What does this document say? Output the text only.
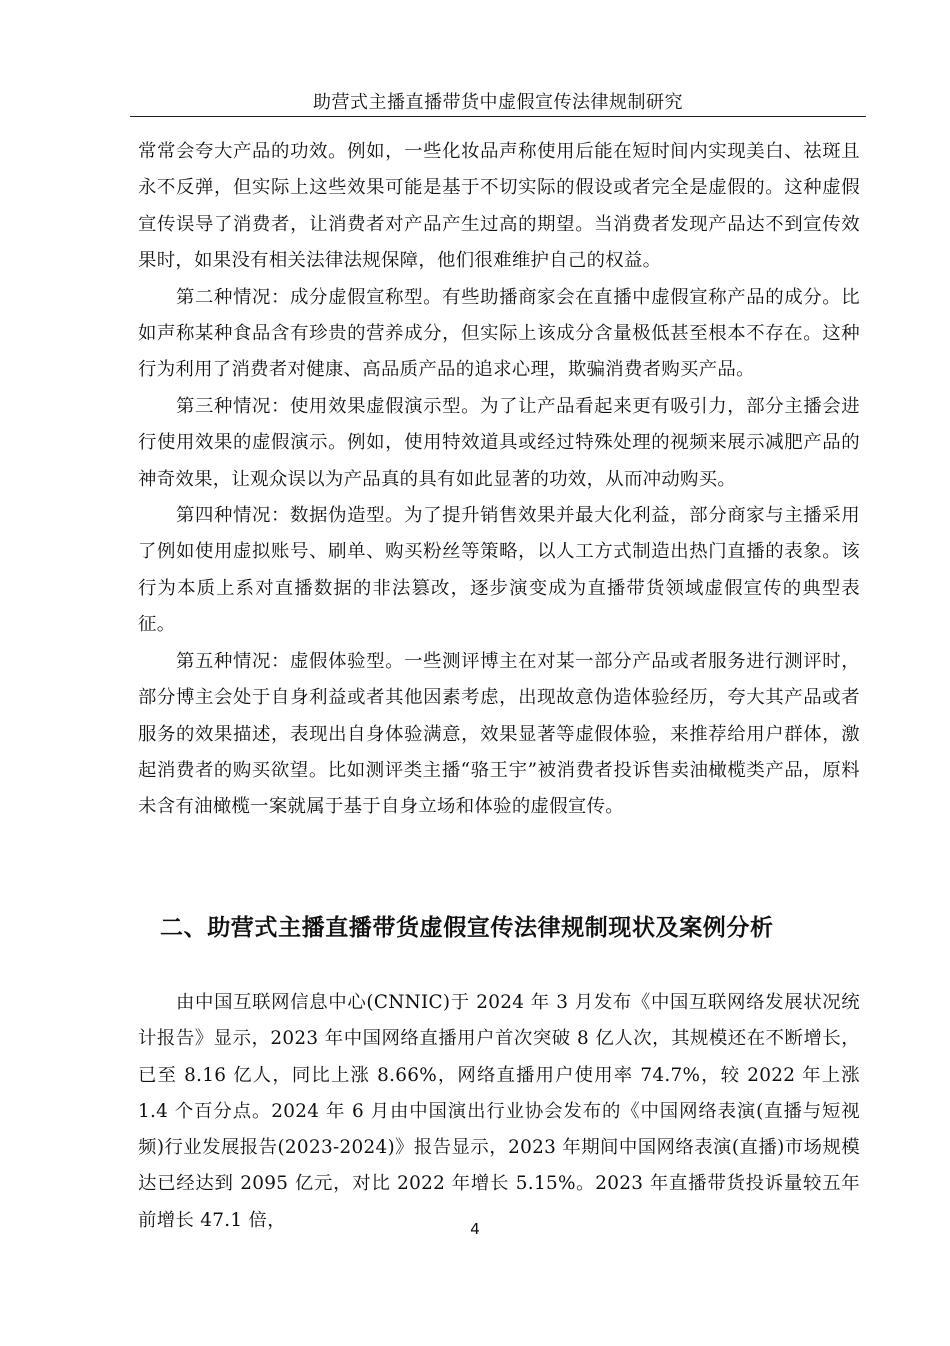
助营式主播直播带货中虚假宣传法律规制研究

常常会夸大产品的功效。例如，一些化妆品声称使用后能在短时间内实现美白、祛斑且永不反弹，但实际上这些效果可能是基于不切实际的假设或者完全是虚假的。这种虚假宣传误导了消费者，让消费者对产品产生过高的期望。当消费者发现产品达不到宣传效果时，如果没有相关法律法规保障，他们很难维护自己的权益。

第二种情况：成分虚假宣称型。有些助播商家会在直播中虚假宣称产品的成分。比如声称某种食品含有珍贵的营养成分，但实际上该成分含量极低甚至根本不存在。这种行为利用了消费者对健康、高品质产品的追求心理，欺骗消费者购买产品。

第三种情况：使用效果虚假演示型。为了让产品看起来更有吸引力，部分主播会进行使用效果的虚假演示。例如，使用特效道具或经过特殊处理的视频来展示减肥产品的神奇效果，让观众误以为产品真的具有如此显著的功效，从而冲动购买。

第四种情况：数据伪造型。为了提升销售效果并最大化利益，部分商家与主播采用了例如使用虚拟账号、刷单、购买粉丝等策略，以人工方式制造出热门直播的表象。该行为本质上系对直播数据的非法篡改，逐步演变成为直播带货领域虚假宣传的典型表征。

第五种情况：虚假体验型。一些测评博主在对某一部分产品或者服务进行测评时，部分博主会处于自身利益或者其他因素考虑，出现故意伪造体验经历，夸大其产品或者服务的效果描述，表现出自身体验满意，效果显著等虚假体验，来推荐给用户群体，激起消费者的购买欲望。比如测评类主播“骆王宇”被消费者投诉售卖油橄榄类产品，原料未含有油橄榄一案就属于基于自身立场和体验的虚假宣传。

二、助营式主播直播带货虚假宣传法律规制现状及案例分析

由中国互联网信息中心(CNNIC)于 2024 年 3 月发布《中国互联网络发展状况统计报告》显示，2023 年中国网络直播用户首次突破 8 亿人次，其规模还在不断增长，已至 8.16 亿人，同比上涨 8.66%，网络直播用户使用率 74.7%，较 2022 年上涨 1.4 个百分点。2024 年 6 月由中国演出行业协会发布的《中国网络表演(直播与短视频)行业发展报告(2023-2024)》报告显示，2023 年期间中国网络表演(直播)市场规模达已经达到 2095 亿元，对比 2022 年增长 5.15%。2023 年直播带货投诉量较五年前增长 47.1 倍，	4
